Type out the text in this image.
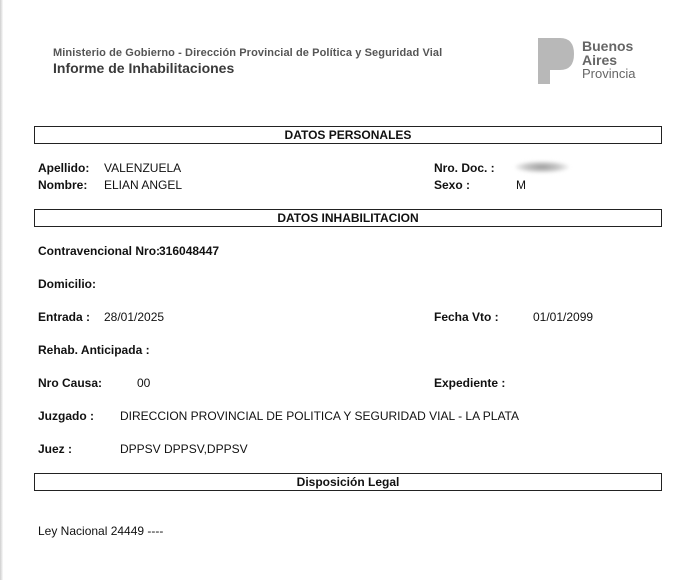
Ministerio de Gobierno - Dirección Provincial de Política y Seguridad Vial
Informe de Inhabilitaciones
Buenos
Aires
Provincia
DATOS PERSONALES
Apellido: VALENZUELA	Nro. Doc. :
Nombre: ELIAN ANGEL	Sexo :	M
DATOS INHABILITACION
Contravencional Nro:
316048447
Domicilio:
Entrada : 28/01/2025	Fecha Vto :	01/01/2099
Rehab. Anticipada :
Nro Causa:	00	Expediente :
Juzgado : DIRECCION PROVINCIAL DE POLITICA Y SEGURIDAD VIAL - LA PLATA
Juez :	DPPSV DPPSV,DPPSV
Disposición Legal
Ley Nacional 24449 ----
